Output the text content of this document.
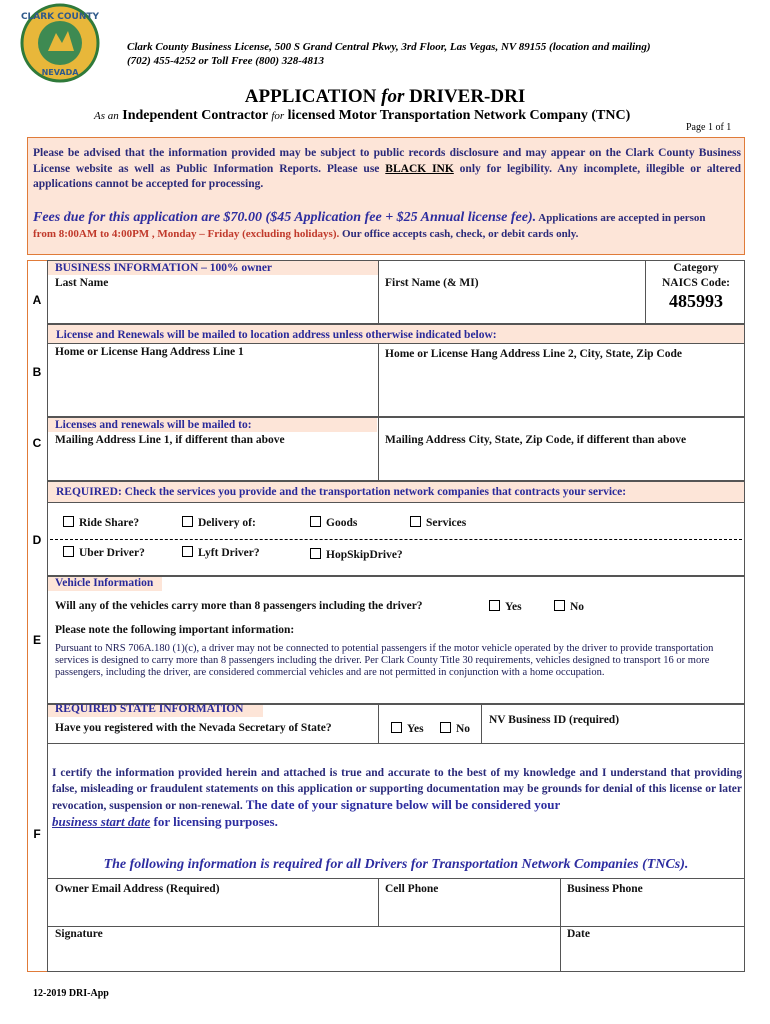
CLARK COUNTY
NEVADA
Clark County Business License, 500 S Grand Central Pkwy, 3rd Floor, Las Vegas, NV 89155 (location and mailing)
(702) 455-4252 or Toll Free (800) 328-4813
APPLICATION for DRIVER-DRI
As an Independent Contractor for licensed Motor Transportation Network Company (TNC)
Page 1 of 1
Please be advised that the information provided may be subject to public records disclosure and may appear on the Clark County Business License website as well as Public Information Reports. Please use BLACK INK only for legibility. Any incomplete, illegible or altered applications cannot be accepted for processing.
Fees due for this application are $70.00 ($45 Application fee + $25 Annual license fee). Applications are accepted in person
from 8:00AM to 4:00PM , Monday – Friday (excluding holidays). Our office accepts cash, check, or debit cards only.
BUSINESS INFORMATION – 100% owner
Last Name	First Name (& MI)
Category
NAICS Code:
485993
A
License and Renewals will be mailed to location address unless otherwise indicated below:
Home or License Hang Address Line 1	Home or License Hang Address Line 2, City, State, Zip Code
B
Licenses and renewals will be mailed to:
Mailing Address Line 1, if different than above	Mailing Address City, State, Zip Code, if different than above
C
REQUIRED: Check the services you provide and the transportation network companies that contracts your service:
Ride Share?	Delivery of:	Goods	Services
Uber Driver?	Lyft Driver?	HopSkipDrive?
D
Vehicle Information
Will any of the vehicles carry more than 8 passengers including the driver?	Yes	No
Please note the following important information:
Pursuant to NRS 706A.180 (1)(c), a driver may not be connected to potential passengers if the motor vehicle operated by the driver to provide transportation services is designed to carry more than 8 passengers including the driver. Per Clark County Title 30 requirements, vehicles designed to transport 16 or more passengers, including the driver, are considered commercial vehicles and are not permitted in conjunction with a home occupation.
E
REQUIRED STATE INFORMATION
Have you registered with the Nevada Secretary of State?	Yes	No
NV Business ID (required)
I certify the information provided herein and attached is true and accurate to the best of my knowledge and I understand that providing false, misleading or fraudulent statements on this application or supporting documentation may be grounds for denial of this license or later revocation, suspension or non-renewal. The date of your signature below will be considered your
business start date for licensing purposes.
F
The following information is required for all Drivers for Transportation Network Companies (TNCs).
Owner Email Address (Required)	Cell Phone	Business Phone
Signature	Date
12-2019 DRI-App
